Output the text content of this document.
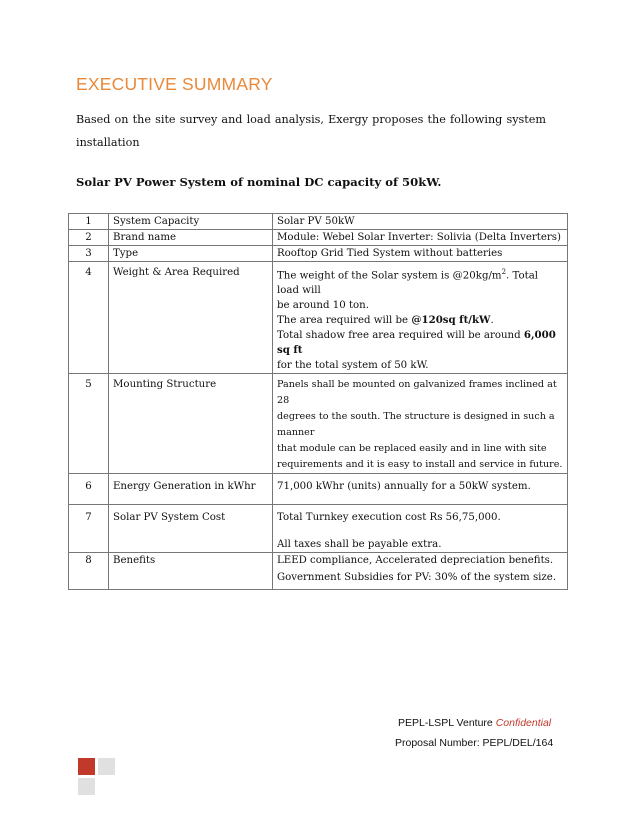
EXECUTIVE SUMMARY

Based on the site survey and load analysis, Exergy proposes the following system installation

Solar PV Power System of nominal DC capacity of 50kW.

1	System Capacity	Solar PV 50kW
2	Brand name	Module: Webel Solar Inverter: Solivia (Delta Inverters)
3	Type	Rooftop Grid Tied System without batteries
4	Weight & Area Required	The weight of the Solar system is $@20kg/m^2$. Total load will
be around 10 ton.
The area required will be @120sq ft/kW.
Total shadow free area required will be around 6,000 sq ft
for the total system of 50 kW.

5	Mounting Structure	Panels shall be mounted on galvanized frames inclined at 28
degrees to the south. The structure is designed in such a manner
that module can be replaced easily and in line with site
requirements and it is easy to install and service in future.

6	Energy Generation in kWhr	71,000 kWhr (units) annually for a 50kW system.
7	Solar PV System Cost	Total Turnkey execution cost Rs 56,75,000.
All taxes shall be payable extra.

8	Benefits	LEED compliance, Accelerated depreciation benefits.
Government Subsidies for PV: 30% of the system size.
PEPL-LSPL Venture Confidential
Proposal Number: PEPL/DEL/164
